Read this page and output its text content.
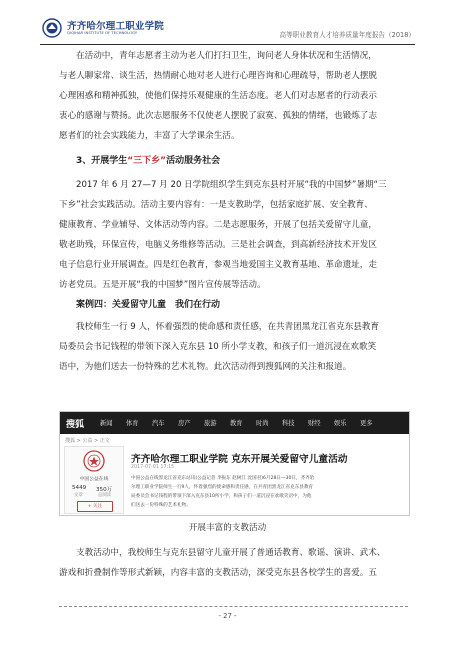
齐齐哈尔理工职业学院
QIQIHAR INSTITUTE OF TECHNOLOGY	高等职业教育人才培养质量年度报告（2018）
在活动中，青年志愿者主动为老人们打扫卫生，询问老人身体状况和生活情况，
与老人聊家常、谈生活，热情耐心地对老人进行心理咨询和心理疏导，帮助老人摆脱
心理困惑和精神孤独，使他们保持乐观健康的生活态度。老人们对志愿者的行动表示
衷心的感谢与赞扬。此次志愿服务不仅使老人摆脱了寂寞、孤独的情绪，也锻炼了志
愿者们的社会实践能力，丰富了大学课余生活。
3、开展学生“三下乡”活动服务社会
2017 年 6 月 27—7 月 20 日学院组织学生到克东县村开展“我的中国梦”暑期“三
下乡”社会实践活动。活动主要内容有：一是支教助学，包括家庭扩展、安全教育、
健康教育、学业辅导、文体活动等内容。二是志愿服务，开展了包括关爱留守儿童，
敬老助残，环保宣传，电脑义务维修等活动。三是社会调查，到高新经济技术开发区
电子信息行业开展调查。四是红色教育，参观当地爱国主义教育基地、革命遗址，走
访老党员。五是开展“我的中国梦”图片宣传展等活动。
案例四：关爱留守儿童　我们在行动
我校师生一行 9 人，怀着强烈的使命感和责任感，在共青团黑龙江省克东县教育
局委员会书记钱程的带领下深入克东县 10 所小学支教，和孩子们一道沉浸在欢歌笑
语中，为他们送去一份特殊的艺术礼物。此次活动得到搜狐网的关注和报道。
搜狐	新闻 体育 汽车 房产 旅游 教育 时尚 科技 财经 娱乐 更多
搜狐 > 公益 > 正文
中国公益在线
5449
文章
350万
总阅读
+ 关注
齐齐哈尔理工职业学院 克东开展关爱留守儿童活动
2017-07-01 17:15
中国公益在线黑龙江省克东站讯(公益记者 李振东 赵树江 沈国君)6月28日—30日，齐齐哈
尔理工职业学院师生一行9人，怀着强烈的使命感和责任感，在共青团黑龙江省克东县教育
局委员会书记钱程的带领下深入克东县10所小学，和孩子们一道沉浸在欢歌笑语中，为他
们送去一份特殊的艺术礼物。
开展丰富的支教活动
支教活动中，我校师生与克东县留守儿童开展了普通话教育、歌谣、演讲、武术、
游戏和折叠制作等形式新颖，内容丰富的支教活动，深受克东县各校学生的喜爱。五
- 27 -
